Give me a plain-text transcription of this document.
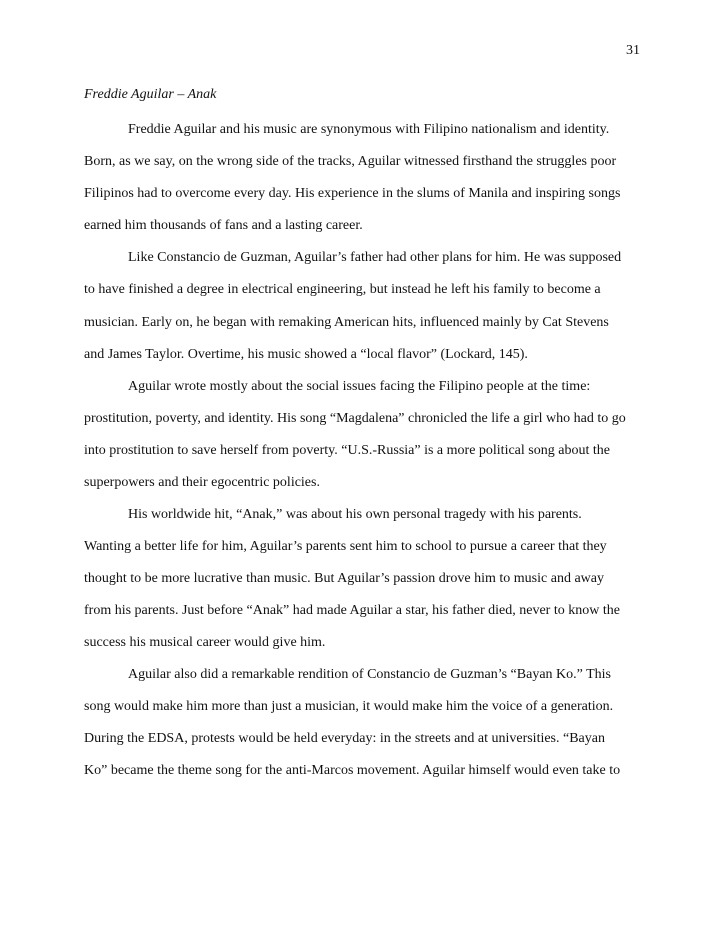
31
Freddie Aguilar – Anak
Freddie Aguilar and his music are synonymous with Filipino nationalism and identity.
Born, as we say, on the wrong side of the tracks, Aguilar witnessed firsthand the struggles poor
Filipinos had to overcome every day. His experience in the slums of Manila and inspiring songs
earned him thousands of fans and a lasting career.
Like Constancio de Guzman, Aguilar’s father had other plans for him. He was supposed
to have finished a degree in electrical engineering, but instead he left his family to become a
musician. Early on, he began with remaking American hits, influenced mainly by Cat Stevens
and James Taylor. Overtime, his music showed a “local flavor” (Lockard, 145).
Aguilar wrote mostly about the social issues facing the Filipino people at the time:
prostitution, poverty, and identity. His song “Magdalena” chronicled the life a girl who had to go
into prostitution to save herself from poverty. “U.S.-Russia” is a more political song about the
superpowers and their egocentric policies.
His worldwide hit, “Anak,” was about his own personal tragedy with his parents.
Wanting a better life for him, Aguilar’s parents sent him to school to pursue a career that they
thought to be more lucrative than music. But Aguilar’s passion drove him to music and away
from his parents. Just before “Anak” had made Aguilar a star, his father died, never to know the
success his musical career would give him.
Aguilar also did a remarkable rendition of Constancio de Guzman’s “Bayan Ko.” This
song would make him more than just a musician, it would make him the voice of a generation.
During the EDSA, protests would be held everyday: in the streets and at universities. “Bayan
Ko” became the theme song for the anti-Marcos movement. Aguilar himself would even take to
